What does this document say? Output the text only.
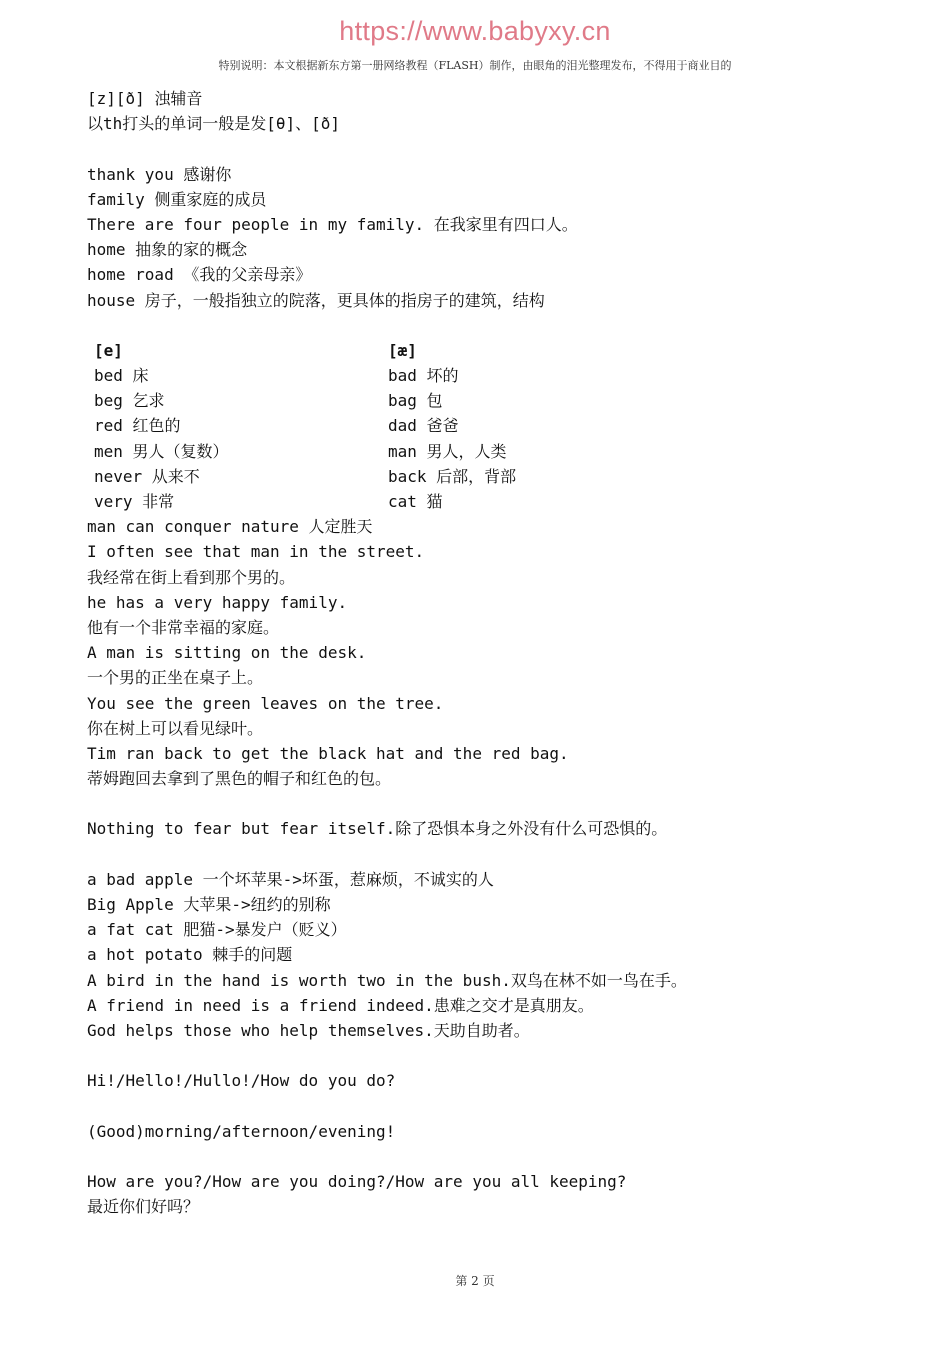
https://www.babyxy.cn
特别说明：本文根据新东方第一册网络教程（FLASH）制作，由眼角的泪光整理发布，不得用于商业目的
[z][ð] 浊辅音
以th打头的单词一般是发[θ]、[ð]
thank you 感谢你
family 侧重家庭的成员
There are four people in my family. 在我家里有四口人。
home 抽象的家的概念
home road 《我的父亲母亲》
house 房子，一般指独立的院落，更具体的指房子的建筑，结构
[e]
bed 床
beg 乞求
red 红色的
men 男人（复数）
never 从来不
very 非常
[æ]
bad 坏的
bag 包
dad 爸爸
man 男人，人类
back 后部，背部
cat 猫
man can conquer nature 人定胜天
I often see that man in the street.
我经常在街上看到那个男的。
he has a very happy family.
他有一个非常幸福的家庭。
A man is sitting on the desk.
一个男的正坐在桌子上。
You see the green leaves on the tree.
你在树上可以看见绿叶。
Tim ran back to get the black hat and the red bag.
蒂姆跑回去拿到了黑色的帽子和红色的包。
Nothing to fear but fear itself.除了恐惧本身之外没有什么可恐惧的。
a bad apple 一个坏苹果->坏蛋，惹麻烦，不诚实的人
Big Apple 大苹果->纽约的别称
a fat cat 肥猫->暴发户（贬义）
a hot potato 棘手的问题
A bird in the hand is worth two in the bush.双鸟在林不如一鸟在手。
A friend in need is a friend indeed.患难之交才是真朋友。
God helps those who help themselves.天助自助者。
Hi!/Hello!/Hullo!/How do you do?
(Good)morning/afternoon/evening!
How are you?/How are you doing?/How are you all keeping?
最近你们好吗？
第 2 页
